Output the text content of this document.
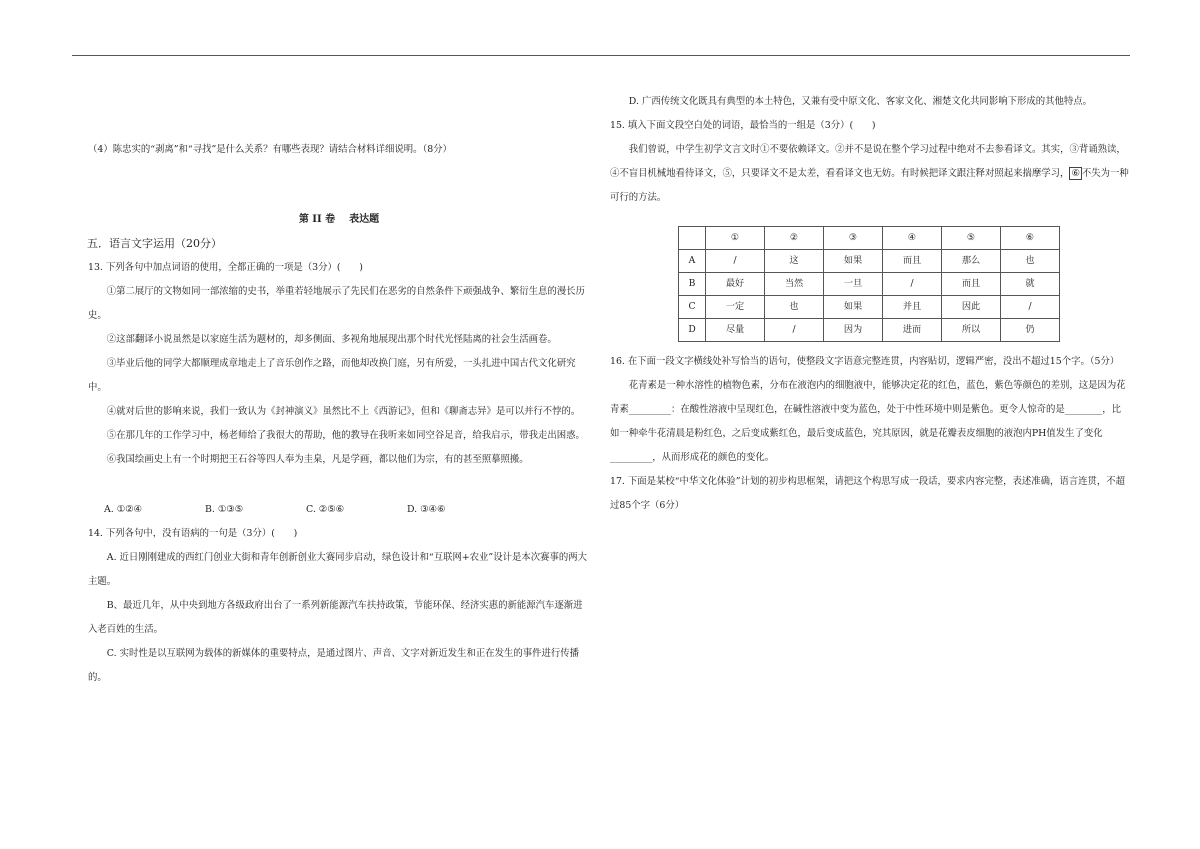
（4）陈忠实的“剥离”和“寻找”是什么关系？有哪些表现？请结合材料详细说明。（8分）

第 II 卷 表达题

五．语言文字运用（20分）

13. 下列各句中加点词语的使用，全都正确的一项是（3分）(　　)

①第二展厅的文物如同一部浓缩的史书，举重若轻地展示了先民们在恶劣的自然条件下顽强战争、繁衍生息的漫长历史。

②这部翻译小说虽然是以家庭生活为题材的，却多侧面、多视角地展现出那个时代光怪陆离的社会生活画卷。

③毕业后他的同学大都顺理成章地走上了音乐创作之路，而他却改换门庭，另有所爱，一头扎进中国古代文化研究中。

④就对后世的影响来说，我们一致认为《封神演义》虽然比不上《西游记》，但和《聊斋志异》是可以并行不悖的。

⑤在那几年的工作学习中，杨老师给了我很大的帮助，他的教导在我听来如同空谷足音，给我启示，带我走出困惑。

⑥我国绘画史上有一个时期把王石谷等四人奉为圭臬，凡是学画，都以他们为宗，有的甚至照摹照搬。

A. ①②④	B. ①③⑤	C. ②⑤⑥	D. ③④⑥

14. 下列各句中，没有语病的一句是（3分）(　　)

A. 近日刚刚建成的西红门创业大街和青年创新创业大赛同步启动，绿色设计和“互联网+农业”设计是本次赛事的两大主题。

B、最近几年，从中央到地方各级政府出台了一系列新能源汽车扶持政策，节能环保、经济实惠的新能源汽车逐渐进入老百姓的生活。

C. 实时性是以互联网为载体的新媒体的重要特点，是通过图片、声音、文字对新近发生和正在发生的事件进行传播的。

D. 广西传统文化既具有典型的本土特色，又兼有受中原文化、客家文化、湘楚文化共同影响下形成的其他特点。

15. 填入下面文段空白处的词语，最恰当的一组是（3分）(　　)

我们曾说，中学生初学文言文时①不要依赖译文。②并不是说在整个学习过程中绝对不去参看译文。其实，③背诵熟读，④不盲目机械地看待译文，⑤，只要译文不是太差，看看译文也无妨。有时候把译文跟注释对照起来揣摩学习， ⑥ 不失为一种可行的方法。

	①	②	③	④	⑤	⑥
A	/	这	如果	而且	那么	也
B	最好	当然	一旦	/	而且	就
C	一定	也	如果	并且	因此	/
D	尽量	/	因为	进而	所以	仍

16. 在下面一段文字横线处补写恰当的语句，使整段文字语意完整连贯，内容贴切，逻辑严密，没出不超过15个字。（5分）

花青素是一种水溶性的植物色素，分布在液泡内的细胞液中，能够决定花的红色，蓝色，紫色等颜色的差别，这是因为花青素_________：在酸性溶液中呈现红色，在碱性溶液中变为蓝色，处于中性环境中则是紫色。更令人惊奇的是________，比如一种牵牛花清晨是粉红色，之后变成紫红色，最后变成蓝色，究其原因，就是花瓣表皮细胞的液泡内PH值发生了变化_________，从而形成花的颜色的变化。

17. 下面是某校“中华文化体验”计划的初步构思框架，请把这个构思写成一段话，要求内容完整，表述准确，语言连贯，不超过85个字（6分）
